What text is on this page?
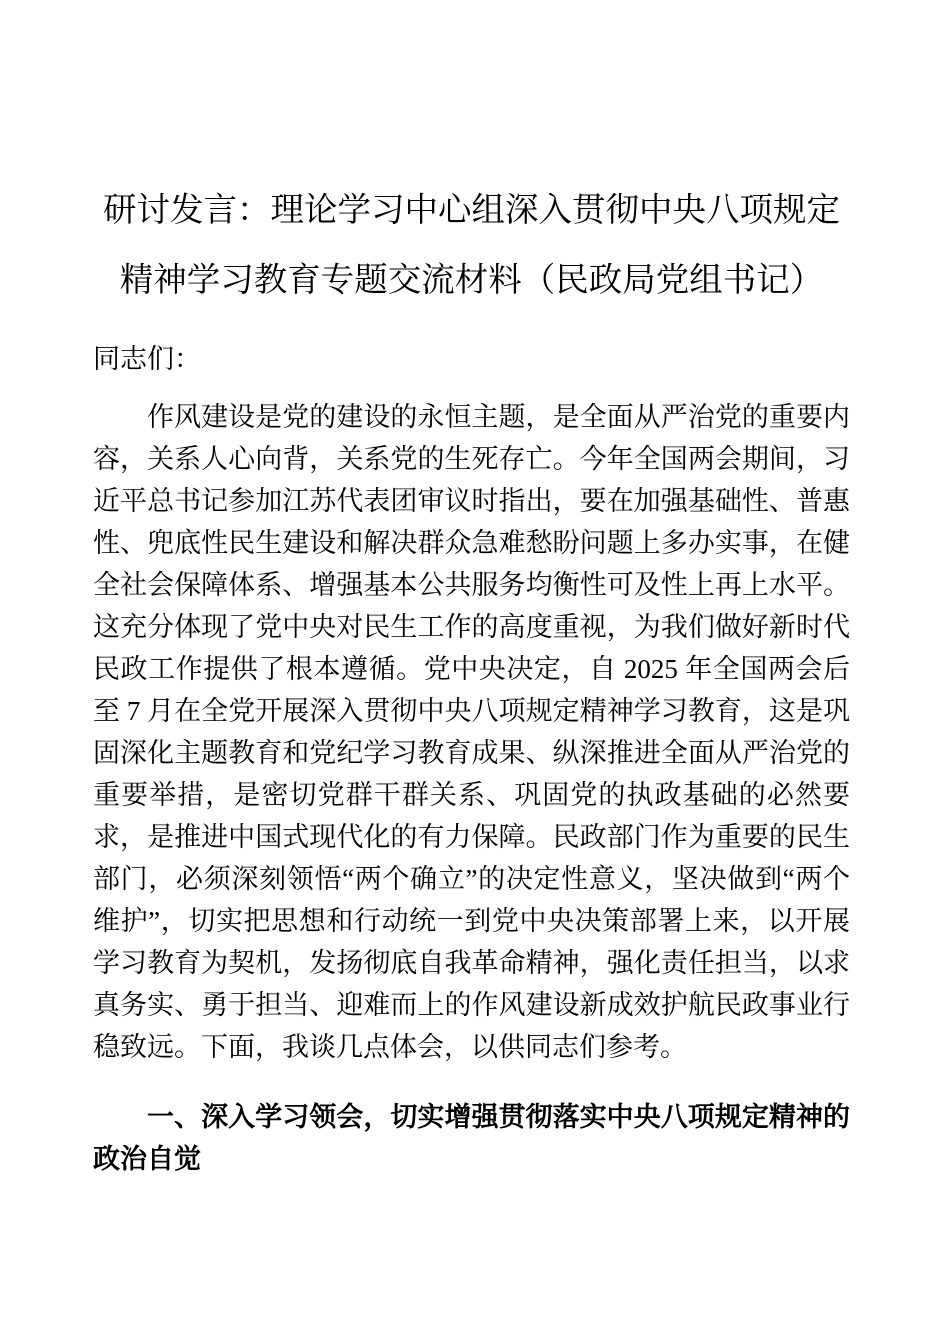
研讨发言：理论学习中心组深入贯彻中央八项规定
精神学习教育专题交流材料（民政局党组书记）

同志们：

作风建设是党的建设的永恒主题，是全面从严治党的重要内容，关系人心向背，关系党的生死存亡。今年全国两会期间，习近平总书记参加江苏代表团审议时指出，要在加强基础性、普惠性、兜底性民生建设和解决群众急难愁盼问题上多办实事，在健全社会保障体系、增强基本公共服务均衡性可及性上再上水平。这充分体现了党中央对民生工作的高度重视，为我们做好新时代民政工作提供了根本遵循。党中央决定，自 2025 年全国两会后至 7 月在全党开展深入贯彻中央八项规定精神学习教育，这是巩固深化主题教育和党纪学习教育成果、纵深推进全面从严治党的重要举措，是密切党群干群关系、巩固党的执政基础的必然要求，是推进中国式现代化的有力保障。民政部门作为重要的民生部门，必须深刻领悟“两个确立”的决定性意义，坚决做到“两个维护”，切实把思想和行动统一到党中央决策部署上来，以开展学习教育为契机，发扬彻底自我革命精神，强化责任担当，以求真务实、勇于担当、迎难而上的作风建设新成效护航民政事业行稳致远。下面，我谈几点体会，以供同志们参考。

一、深入学习领会，切实增强贯彻落实中央八项规定精神的政治自觉
